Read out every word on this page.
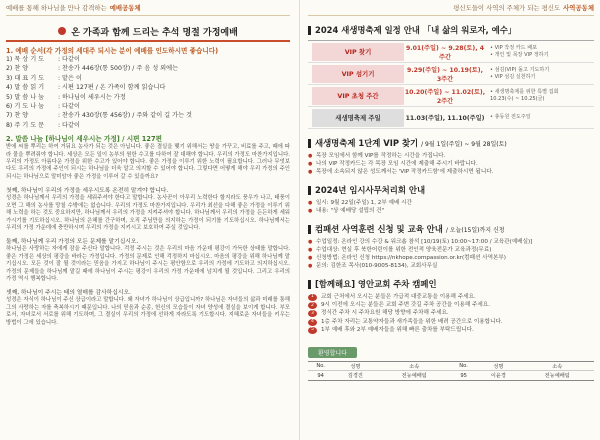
예배를 통해 하나님을 만나 감격하는 예배공동체
온 가족과 함께 드리는 추석 명절 가정예배
1. 예배 순서(각 가정의 세대주 되시는 분이 예배를 인도하시면 좋습니다)
1) 묵 상 기 도	: 다같이
2) 찬 양	: 찬송가 446장(통 500장) / 주 음 성 외에는
3) 대 표 기 도	: 맡은 이
4) 말 씀 읽 기	: 시편 127편 / 온 가족이 함께 읽습니다
5) 말 씀 나 눔	: 하나님이 세우시는 가정
6) 기 도 나 눔	: 다같이
7) 찬 양	: 찬송가 430장(통 456장) / 주와 같이 길 가는 것
8) 주 기 도 문	: 다같이
2. 말씀 나눔 [하나님이 세우시는 가정] / 시편 127편

받에 씨를 뿌리는 하여 거둬요 농사가 되는 것은 아닙니다. 좋은 결실을 맺기 위해서는 땅을 가꾸고, 비료를 주고, 때에 따라 물을 뿌려줘야 합니다. 세상은 모든 일이 농부의 원한 수고를 다하여 잘 대해야 합니다. 우리의 가정도 마찬가지입니다. 우리의 가정도 아름다운 가정을 위한 수고가 있어야 합니다. 좋은 가정을 이루기 위한 노력이 필요합니다. 그러나 무엇보다도 우리의 가정에 주인이 되시는 하나님을 더욱 알고 의지할 수 있어야 합니다. 그렇다면 어떻게 해야 우리 가정의 주인 되시는 하나님으로 말미암아 좋은 가정을 이루어 갈 수 있을까요?

첫째, 하나님이 우리의 가정을 세우시도록 온전히 맡겨야 합니다.

성경은 하나님께서 우리의 가정을 세워주셔야 한다고 말합니다. 농사꾼이 아무리 노력한다 할지라도 풍우가 나고, 태풍이 오면 그 해의 농사를 망칠 수밖에는 없습니다. 우리의 가정도 마찬가지입니다. 우리가 최선을 다해 좋은 가정을 이루기 위해 노력을 하는 것도 중요하지만, 하나님께서 우리의 가정을 지켜주셔야 합니다. 하나님께서 우리의 가정을 든든하게 세워가시기를 기도하십시오. 하나님의 은혜를 간구하며, 오직 주님만을 의지하는 가정이 되기를 기도하십시오. 하나님께서는 우리의 가정 가운데에 충만하시며 우리의 가정을 지키시고 보호하여 주실 것입니다.

둘째, 하나님께 우리 가정의 모든 문제를 맡기십시오.

하나님은 사랑하는 자에게 잠을 주신다 말합니다. 걱정 주시는 것은 우리의 마음 가운데 평강이 가득한 상태를 말합니다. 좋은 가정은 세상의 평강을 바라는 가정입니다. 가정의 문제로 인해 걱정하지 마십시오. 마음의 평강을 위해 하나님께 맡기십시오. 모든 것이 잘 될 것이라는 믿음을 가지고 하나님이 주시는 평안함으로 우리의 가정에 기도하고 의지하십시오. 가정의 문제들을 하나님께 맡길 때에 하나님이 주시는 평강이 우리의 가정 가운데에 넘치게 될 것입니다. 그리고 우리의 가정 역시 행복합니다.

셋째, 하나님이 주시는 태의 열매를 감사하십시오.

성경은 자식이 하나님이 주신 상급이라고 말합니다. 왜 자녀가 하나님이 상급입니까? 하나님은 자녀들의 삶과 미래를 통해 그의 사랑하는 자를 축복하시기 때문입니다. 나의 믿음과 순종, 헌신의 모습들이 자녀 양성에 결실을 보이게 합니다. 부모로서, 자녀로서 서로를 위해 기도하며, 그 결실이 우리의 가정에 선하게 자라도록 기도합시다. 지혜로운 자녀들을 키우는 방법이 그에 있습니다.

평신도들이 사역의 주체가 되는 평신도 사역공동체
2024 새생명축제 일정 안내
「내 삶의 워로자, 예수」
VIP 찾기	9.01(주일) ~ 9.28(토), 4주간
• VIP 작정 카드 배포
• 개인 및 목장 VIP 정하기
VIP 섬기기	9.29(주일) ~ 10.19(토), 3주간
• 섬김(VIP) 돌고 기도하기
• VIP 섬김 실천하기
VIP 초청 주간	10.20(주일) ~ 11.02(토), 2주간
• 새생명축제를 위한 특별 집회
10.23(수) ~ 10.25(금)
새생명축제 주일	11.03(주일), 11.10(주일)	• 총동원 전도주일
새생명축제 1단계 VIP 찾기 / 9월 1일(주일) ~ 9월 28일(토)
● 목장 모임에서 함께 VIP를 작정하는 시간을 가집니다.
● 나의 VIP 작정카드는 각 목장 모임 시간에 제출해 주시기 바랍니다.
● 목장에 소속되지 않은 성도께서는 'VIP 작정카드함'에 제출하시면 됩니다.
2024년 임시사무처리회 안내
● 일시: 9월 22일(주일) 1, 2부 예배 시간
● 내용: "상 예배당 설립의 건"
컴패션 사역훈련 신청 및 교육 안내 / 오늘(15일)까지 신청
● 수업일정: 온라인 강의 수강 & 워크숍 참석 [10/19(토) 10:00~17:00 / 교육관(예배실)]
● 수업대상: 현실 후 북한어린이를 위한 전인적 양육전문가 교육과정(무료)
● 신청방법: 온라인 신청 https://nkhope.compassion.or.kr(컴패션 사역본부)
● 문의: 김한조 목사(010-9005-8134), 교회사무실
[함께해요] 영안교회 주차 캠페인
1	교회 근처에서 오시는 분들은 가급적 대중교통을 이용해 주세요.
2	9시 이전에 오시는 분들은 교회 주변 갓길 주차 공간을 이용해 주세요.
3	정식간 주차 시 주차요원 해당 방향에 주차해 주세요.
4	1층 주차 자리는 교통약자들과 새가족들을 위한 배려 공간으로 이용합니다.
5	1부 예배 후와 2부 예배자들을 위해 빠른 출차를 부탁드립니다.
환영합니다
No.	성명	소속	No.	성명	소속
94	김경진	전능예배팀	95	이윤경	전능예배팀
